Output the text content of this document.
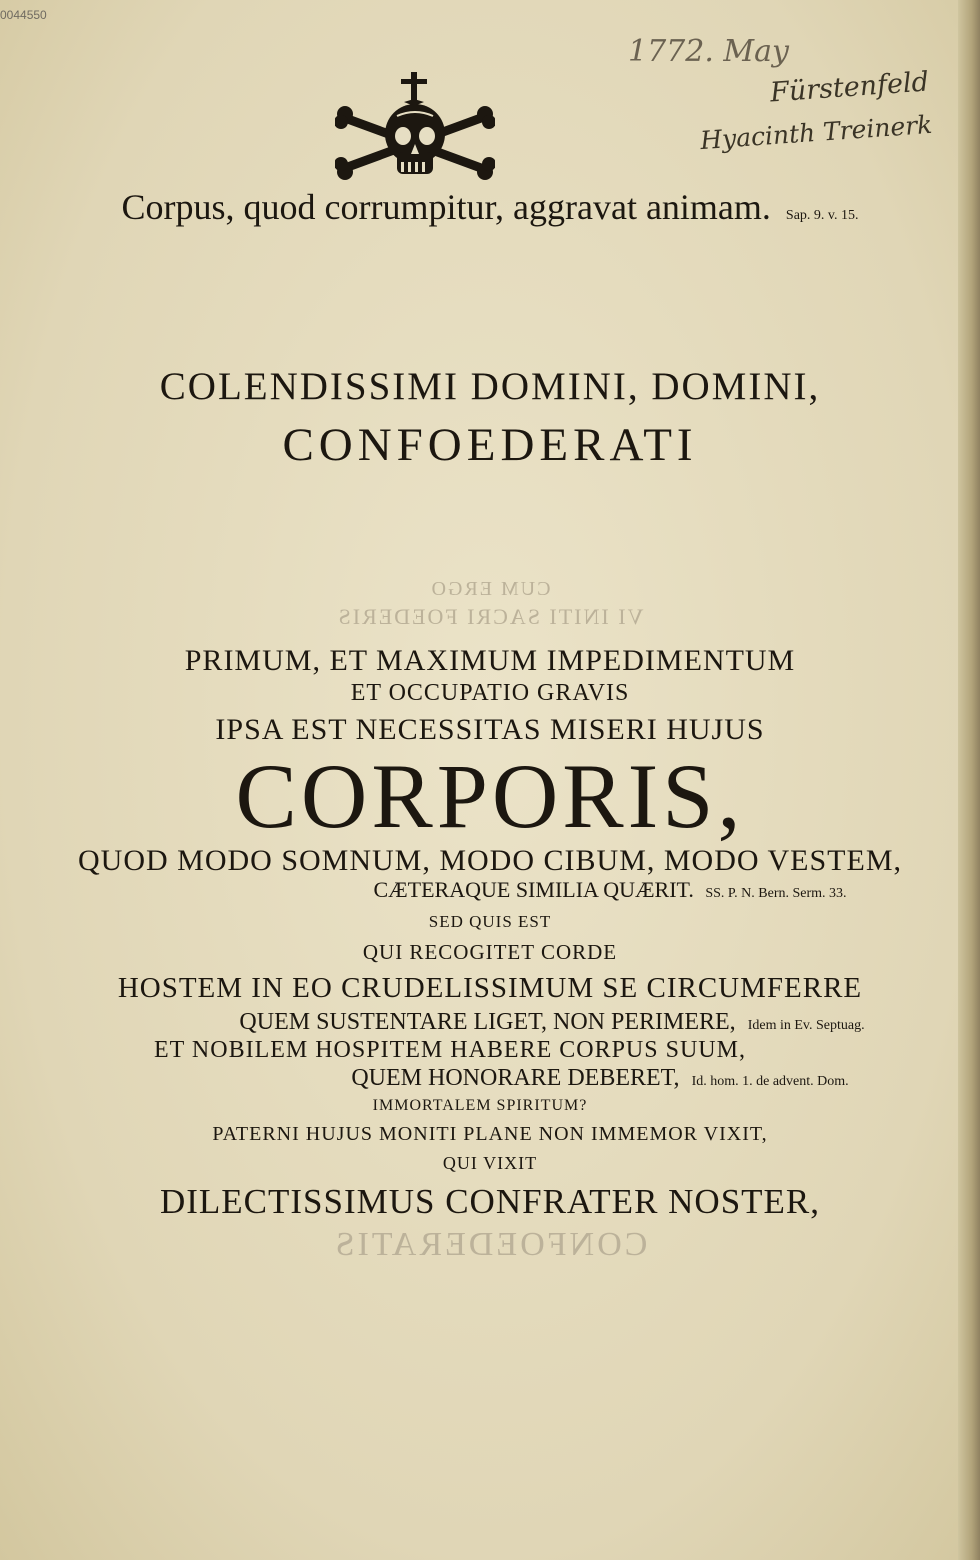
0044550
1772. May
Fürstenfeld
Hyacinth Treinerk
Corpus, quod corrumpitur, aggravat animam. Sap. 9. v. 15.
COLENDISSIMI DOMINI, DOMINI,
CONFOEDERATI
CUM ERGO
VI INITI SACRI FOEDERIS
PRIMUM, ET MAXIMUM IMPEDIMENTUM
ET OCCUPATIO GRAVIS
IPSA EST NECESSITAS MISERI HUJUS
CORPORIS,
QUOD MODO SOMNUM, MODO CIBUM, MODO VESTEM,
CÆTERAQUE SIMILIA QUÆRIT. SS. P. N. Bern. Serm. 33.
SED QUIS EST
QUI RECOGITET CORDE
HOSTEM IN EO CRUDELISSIMUM SE CIRCUMFERRE
QUEM SUSTENTARE LIGET, NON PERIMERE, Idem in Ev. Septuag.
ET NOBILEM HOSPITEM HABERE CORPUS SUUM,
QUEM HONORARE DEBERET, Id. hom. 1. de advent. Dom.
IMMORTALEM SPIRITUM?
PATERNI HUJUS MONITI PLANE NON IMMEMOR VIXIT,
QUI VIXIT
DILECTISSIMUS CONFRATER NOSTER,
CONFOEDERATIS
